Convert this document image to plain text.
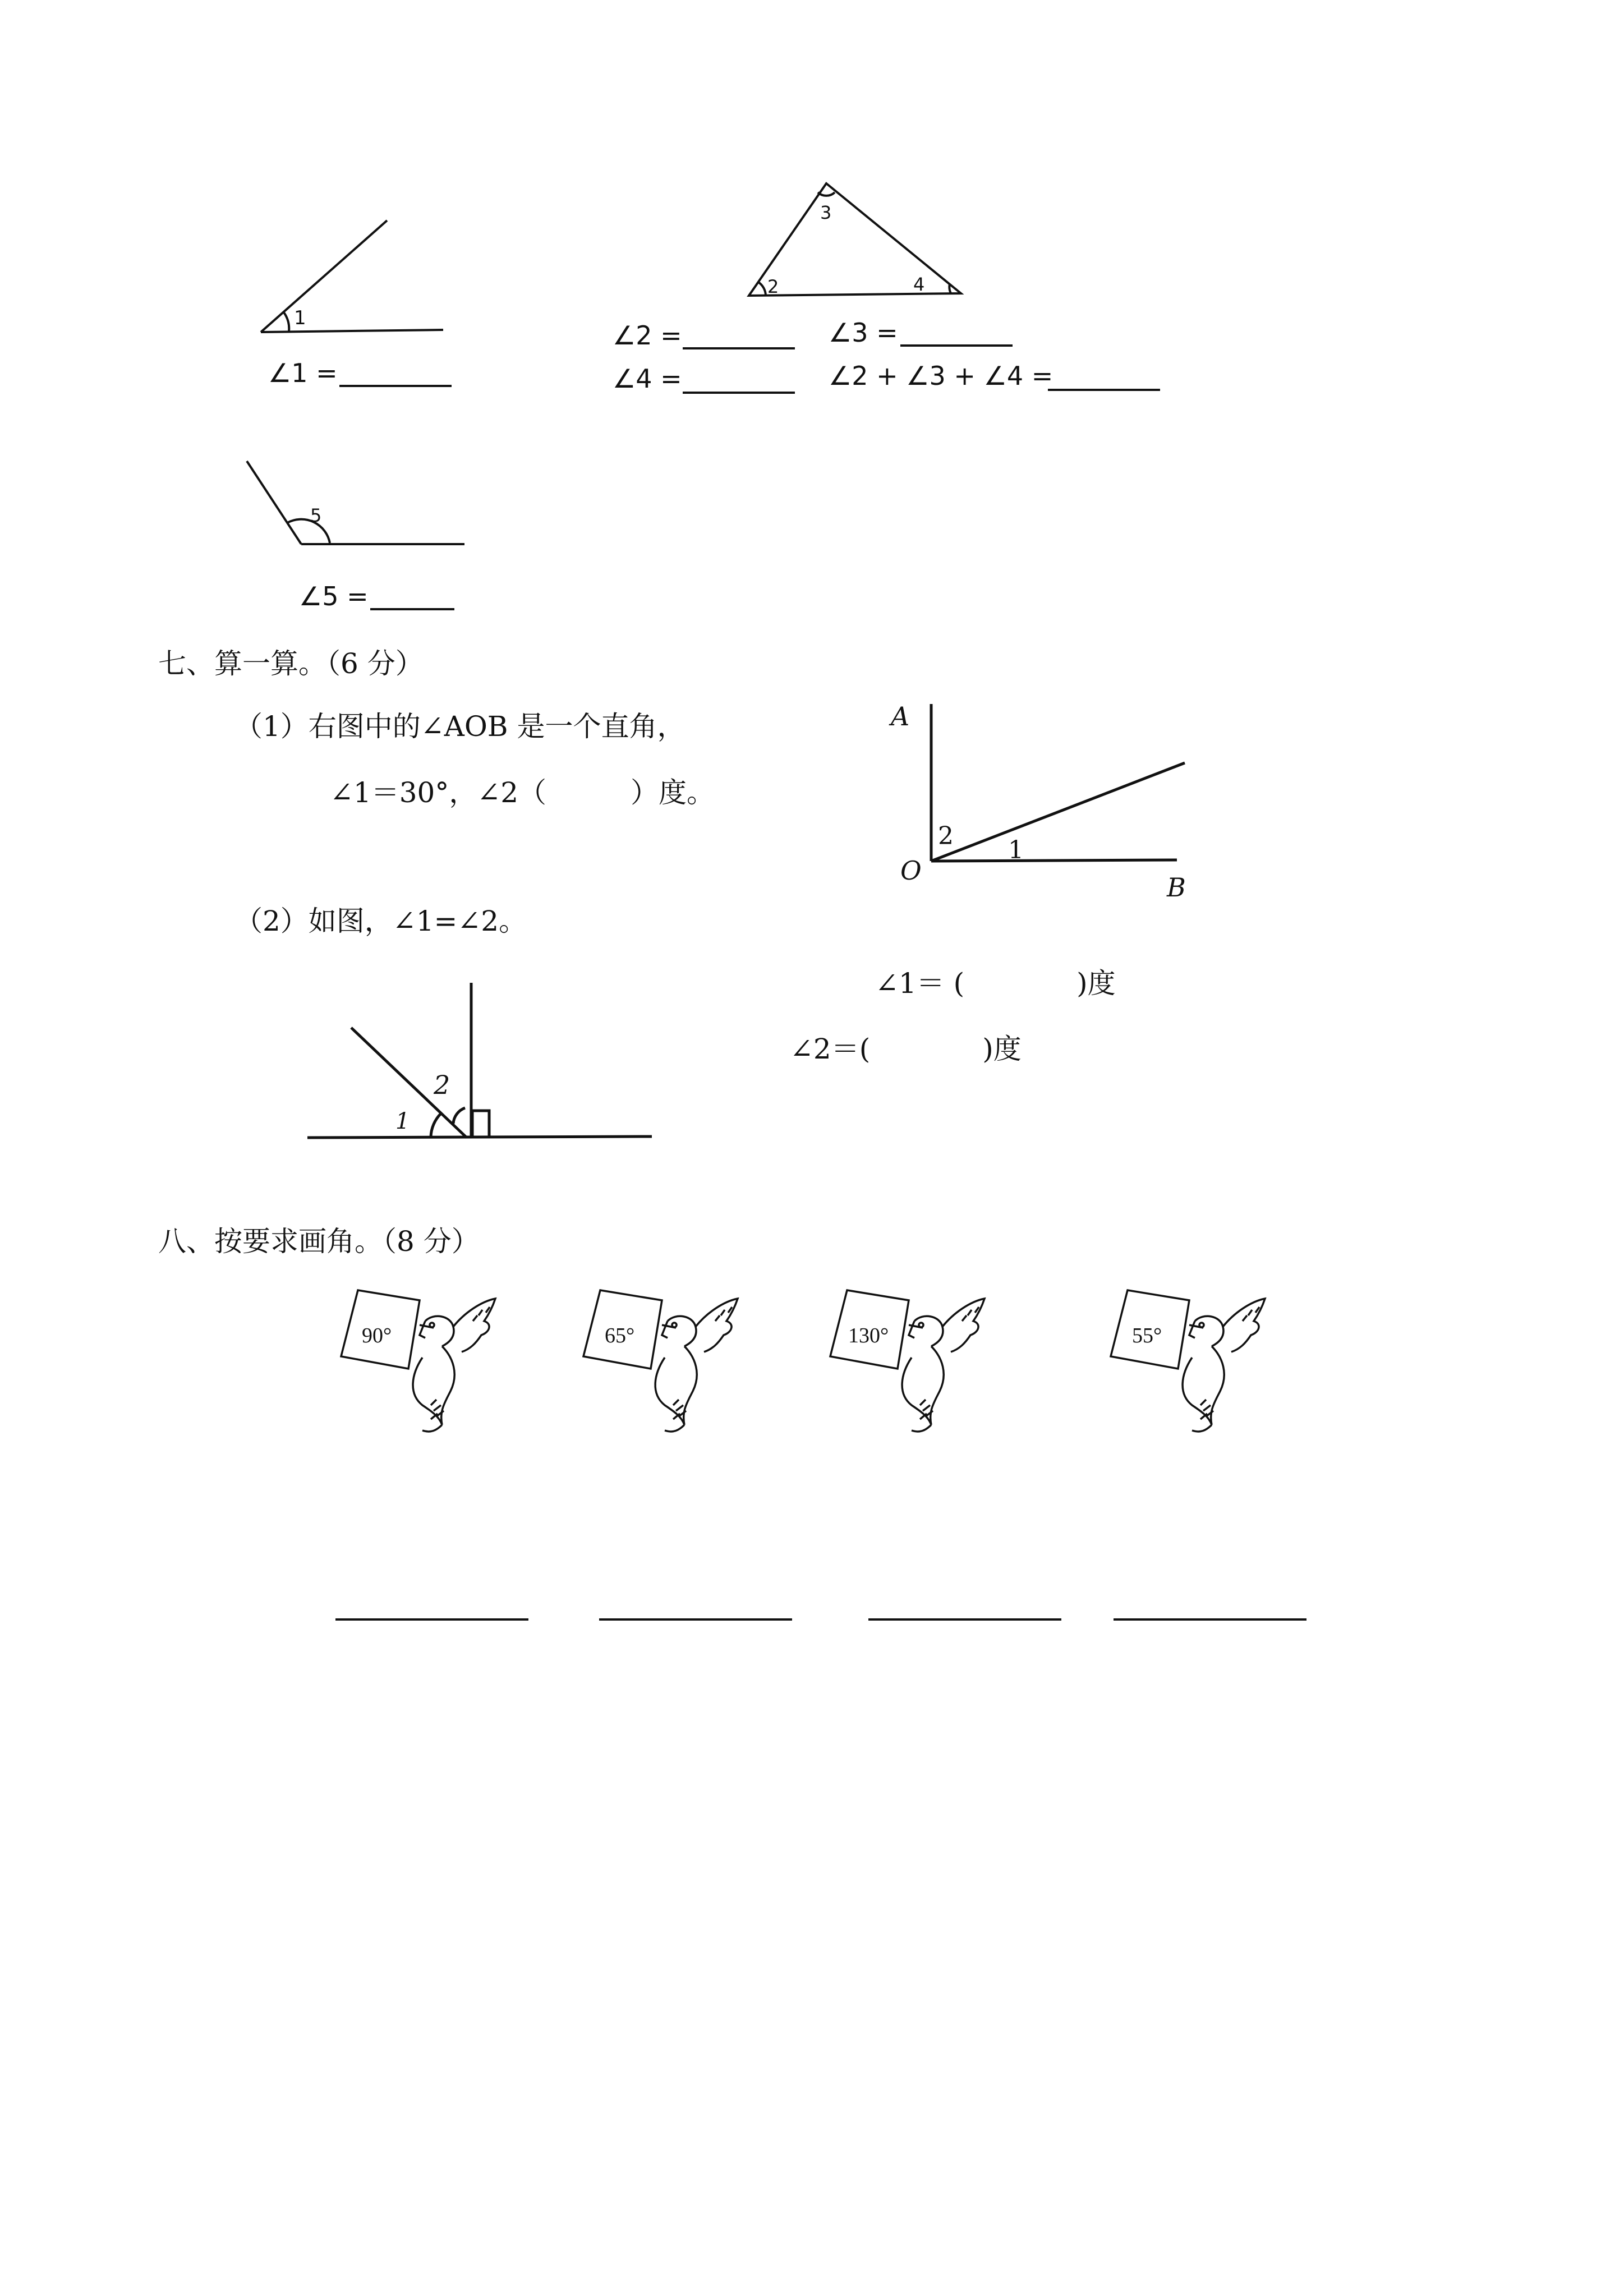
1
3
2	4
5
∠1 =
∠2 =	∠3 =
∠4 =	∠2 + ∠3 + ∠4 =
∠5 =
七、算一算。（6 分）
（1）右图中的∠AOB 是一个直角，
∠1＝30°，∠2（　　　）度。
（2）如图，∠1=∠2。
∠1＝ (　　　　)度
∠2＝(　　　　)度
A
O
B
2 1
1
2
八、按要求画角。（8 分）
90°	65°	130°	55°
